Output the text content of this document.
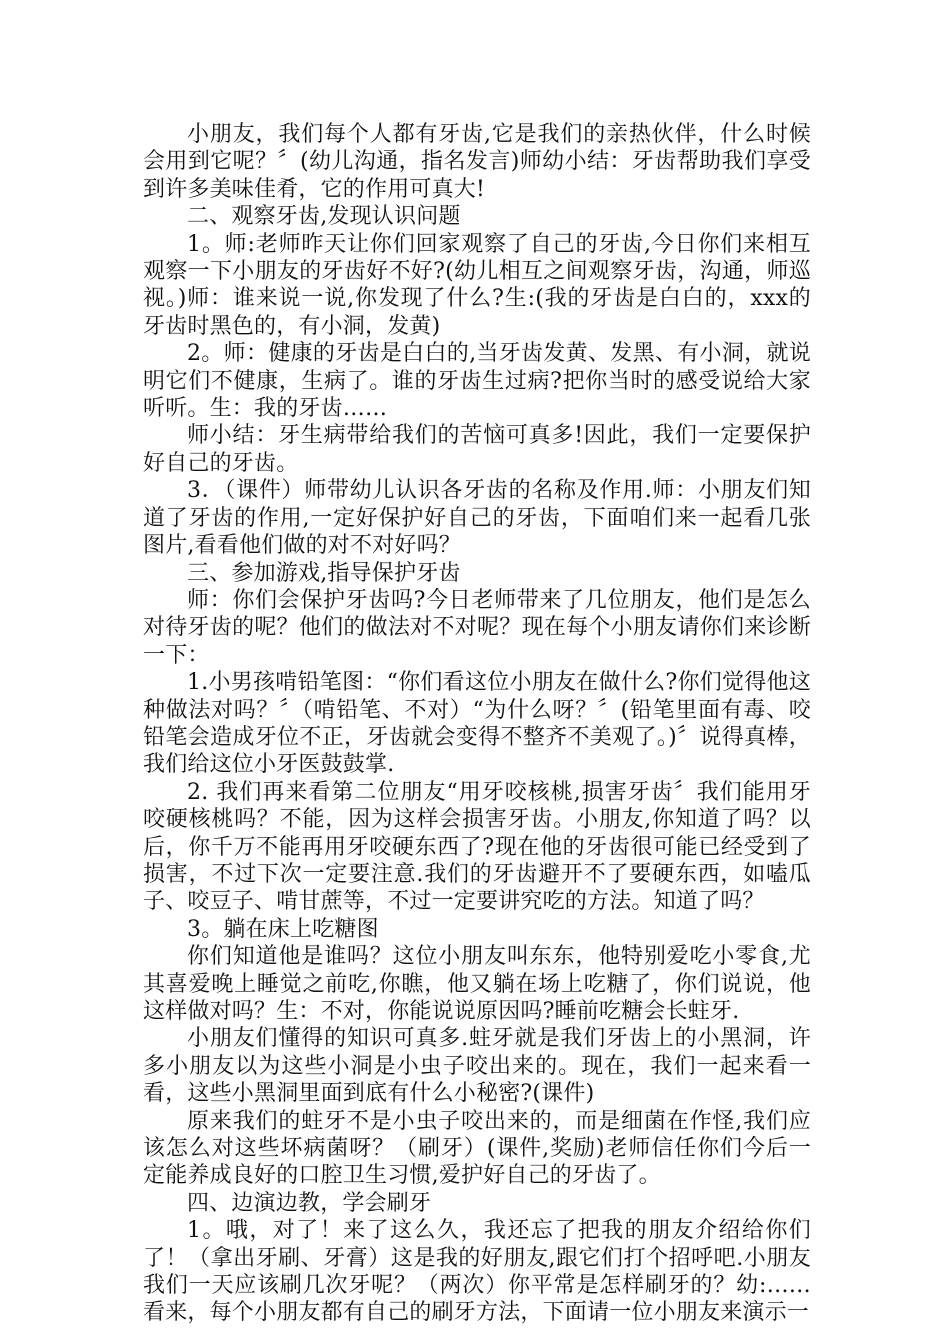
小朋友，我们每个人都有牙齿,它是我们的亲热伙伴，什么时候会用到它呢？〞(幼儿沟通，指名发言)师幼小结：牙齿帮助我们享受到许多美味佳肴，它的作用可真大!

二、观察牙齿,发现认识问题

1。师:老师昨天让你们回家观察了自己的牙齿,今日你们来相互观察一下小朋友的牙齿好不好?(幼儿相互之间观察牙齿，沟通，师巡视。)师：谁来说一说,你发现了什么?生:(我的牙齿是白白的，xxx的牙齿时黑色的，有小洞，发黄)

2。师：健康的牙齿是白白的,当牙齿发黄、发黑、有小洞，就说明它们不健康，生病了。谁的牙齿生过病?把你当时的感受说给大家听听。生：我的牙齿……

师小结：牙生病带给我们的苦恼可真多!因此，我们一定要保护好自己的牙齿。

3．（课件）师带幼儿认识各牙齿的名称及作用.师：小朋友们知道了牙齿的作用,一定好保护好自己的牙齿，下面咱们来一起看几张图片,看看他们做的对不对好吗？

三、参加游戏,指导保护牙齿

师：你们会保护牙齿吗?今日老师带来了几位朋友，他们是怎么对待牙齿的呢？他们的做法对不对呢？现在每个小朋友请你们来诊断一下：

1.小男孩啃铅笔图：“你们看这位小朋友在做什么?你们觉得他这种做法对吗？〞（啃铅笔、不对）“为什么呀？〞(铅笔里面有毒、咬铅笔会造成牙位不正，牙齿就会变得不整齐不美观了。)〞说得真棒，我们给这位小牙医鼓鼓掌.

2. 我们再来看第二位朋友“用牙咬核桃,损害牙齿〞我们能用牙咬硬核桃吗？不能，因为这样会损害牙齿。小朋友,你知道了吗？以后，你千万不能再用牙咬硬东西了?现在他的牙齿很可能已经受到了损害，不过下次一定要注意.我们的牙齿避开不了要硬东西，如嗑瓜子、咬豆子、啃甘蔗等，不过一定要讲究吃的方法。知道了吗？

3。躺在床上吃糖图

你们知道他是谁吗？这位小朋友叫东东，他特别爱吃小零食,尤其喜爱晚上睡觉之前吃,你瞧，他又躺在场上吃糖了，你们说说，他这样做对吗？生：不对，你能说说原因吗?睡前吃糖会长蛀牙.

小朋友们懂得的知识可真多.蛀牙就是我们牙齿上的小黑洞，许多小朋友以为这些小洞是小虫子咬出来的。现在，我们一起来看一看，这些小黑洞里面到底有什么小秘密?(课件)

原来我们的蛀牙不是小虫子咬出来的，而是细菌在作怪,我们应该怎么对这些坏病菌呀？（刷牙）(课件,奖励)老师信任你们今后一定能养成良好的口腔卫生习惯,爱护好自己的牙齿了。

四、边演边教，学会刷牙

1。哦，对了！来了这么久，我还忘了把我的朋友介绍给你们了！（拿出牙刷、牙膏）这是我的好朋友,跟它们打个招呼吧.小朋友我们一天应该刷几次牙呢？（两次）你平常是怎样刷牙的？幼:……看来，每个小朋友都有自己的刷牙方法，下面请一位小朋友来演示一
